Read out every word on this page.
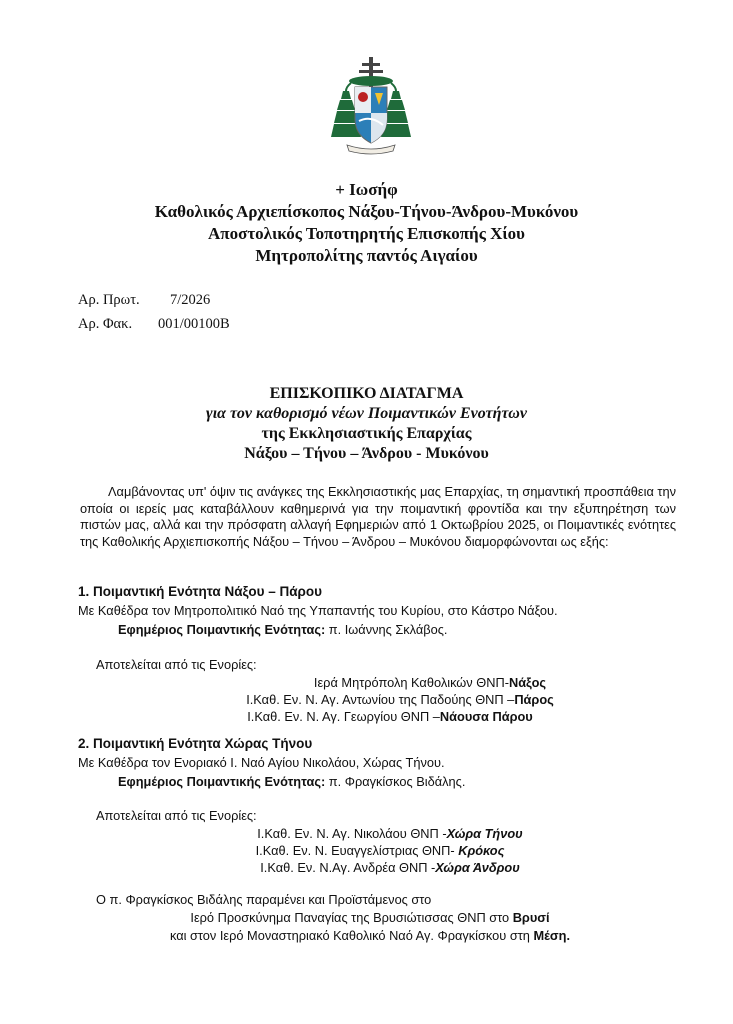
+ Ιωσήφ
Καθολικός Αρχιεπίσκοπος Νάξου-Τήνου-Άνδρου-Μυκόνου
Αποστολικός Τοποτηρητής Επισκοπής Χίου
Μητροπολίτης παντός Αιγαίου
Αρ. Πρωτ. 7/2026
Αρ. Φακ. 001/00100B
ΕΠΙΣΚΟΠΙΚΟ ΔΙΑΤΑΓΜΑ
για τον καθορισμό νέων Ποιμαντικών Ενοτήτων
της Εκκλησιαστικής Επαρχίας
Νάξου – Τήνου – Άνδρου - Μυκόνου
Λαμβάνοντας υπ' όψιν τις ανάγκες της Εκκλησιαστικής μας Επαρχίας, τη σημαντική προσπάθεια την οποία οι ιερείς μας καταβάλλουν καθημερινά για την ποιμαντική φροντίδα και την εξυπηρέτηση των πιστών μας, αλλά και την πρόσφατη αλλαγή Εφημεριών από 1 Οκτωβρίου 2025, οι Ποιμαντικές ενότητες της Καθολικής Αρχιεπισκοπής Νάξου – Τήνου – Άνδρου – Μυκόνου διαμορφώνονται ως εξής:
1. Ποιμαντική Ενότητα Νάξου – Πάρου
Με Καθέδρα τον Μητροπολιτικό Ναό της Υπαπαντής του Κυρίου, στο Κάστρο Νάξου.
Εφημέριος Ποιμαντικής Ενότητας: π. Ιωάννης Σκλάβος.
Αποτελείται από τις Ενορίες:
Ιερά Μητρόπολη Καθολικών ΘΝΠ-Νάξος
Ι.Καθ. Εν. Ν. Αγ. Αντωνίου της Παδούης ΘΝΠ –Πάρος
Ι.Καθ. Εν. Ν. Αγ. Γεωργίου ΘΝΠ –Νάουσα Πάρου
2. Ποιμαντική Ενότητα Χώρας Τήνου
Με Καθέδρα τον Ενοριακό Ι. Ναό Αγίου Νικολάου, Χώρας Τήνου.
Εφημέριος Ποιμαντικής Ενότητας: π. Φραγκίσκος Βιδάλης.
Αποτελείται από τις Ενορίες:
Ι.Καθ. Εν. Ν. Αγ. Νικολάου ΘΝΠ -Χώρα Τήνου
Ι.Καθ. Εν. Ν. Ευαγγελίστριας ΘΝΠ- Κρόκος
Ι.Καθ. Εν. Ν.Αγ. Ανδρέα ΘΝΠ -Χώρα Άνδρου
Ο π. Φραγκίσκος Βιδάλης παραμένει και Προϊστάμενος στο
Ιερό Προσκύνημα Παναγίας της Βρυσιώτισσας ΘΝΠ στο Βρυσί
και στον Ιερό Μοναστηριακό Καθολικό Ναό Αγ. Φραγκίσκου στη Μέση.
